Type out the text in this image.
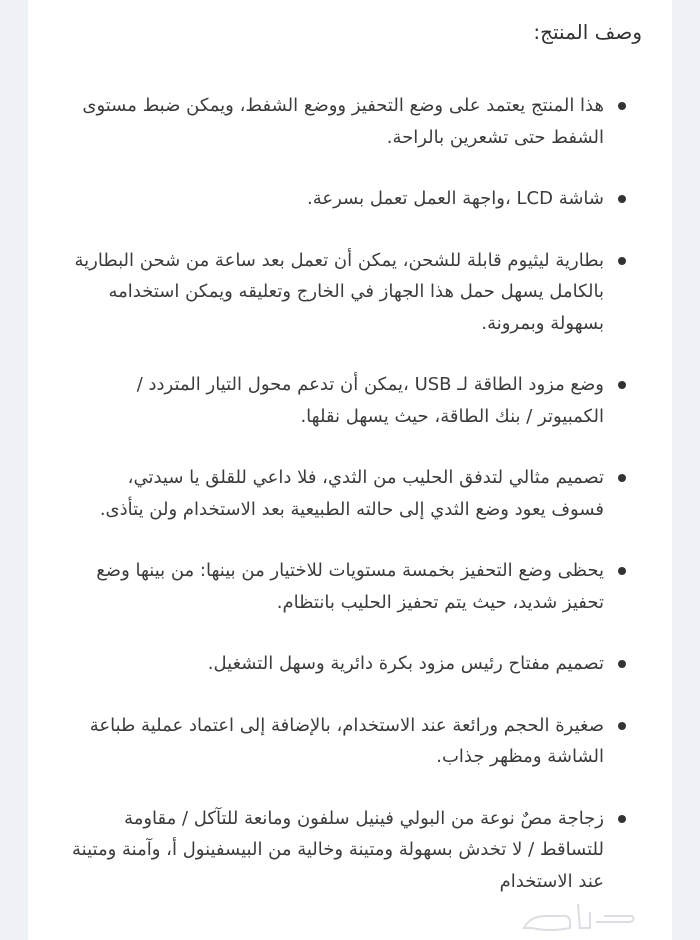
وصف المنتج:
هذا المنتج يعتمد على وضع التحفيز ووضع الشفط، ويمكن ضبط مستوى الشفط حتى تشعرين بالراحة.
شاشة LCD ،واجهة العمل تعمل بسرعة.
بطارية ليثيوم قابلة للشحن، يمكن أن تعمل بعد ساعة من شحن البطارية بالكامل يسهل حمل هذا الجهاز في الخارج وتعليقه ويمكن استخدامه بسهولة وبمرونة.
وضع مزود الطاقة لـ USB ،يمكن أن تدعم محول التيار المتردد / الكمبيوتر / بنك الطاقة، حيث يسهل نقلها.
تصميم مثالي لتدفق الحليب من الثدي، فلا داعي للقلق يا سيدتي، فسوف يعود وضع الثدي إلى حالته الطبيعية بعد الاستخدام ولن يتأذى.
يحظى وضع التحفيز بخمسة مستويات للاختيار من بينها: من بينها وضع تحفيز شديد، حيث يتم تحفيز الحليب بانتظام.
تصميم مفتاح رئيس مزود بكرة دائرية وسهل التشغيل.
صغيرة الحجم ورائعة عند الاستخدام، بالإضافة إلى اعتماد عملية طباعة الشاشة ومظهر جذاب.
زجاجة مصٌ نوعة من البولي فينيل سلفون ومانعة للتآكل / مقاومة للتساقط / لا تخدش بسهولة ومتينة وخالية من البيسفينول أ، وآمنة ومتينة عند الاستخدام
